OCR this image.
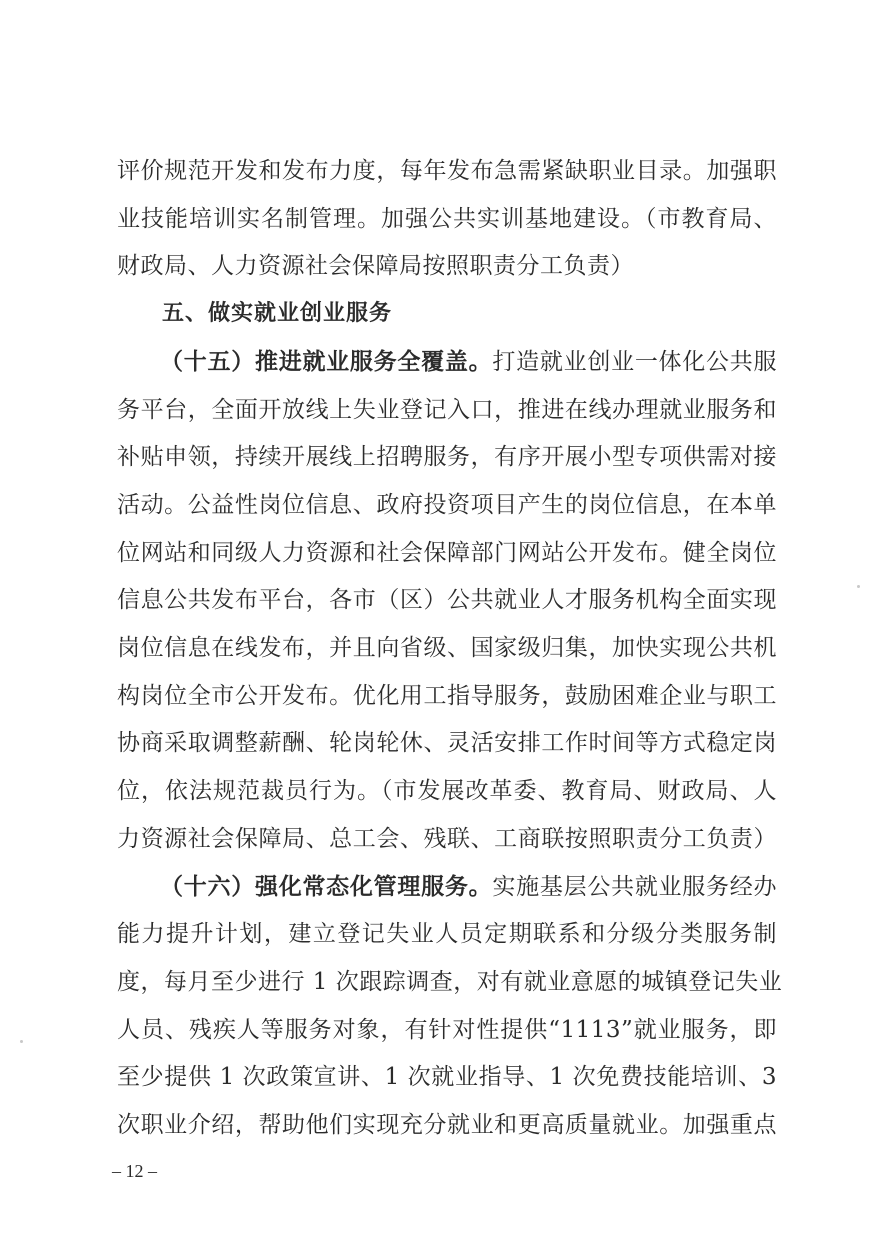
评价规范开发和发布力度，每年发布急需紧缺职业目录。加强职
业技能培训实名制管理。加强公共实训基地建设。（市教育局、
财政局、人力资源社会保障局按照职责分工负责）
五、做实就业创业服务
（十五）推进就业服务全覆盖。打造就业创业一体化公共服
务平台，全面开放线上失业登记入口，推进在线办理就业服务和
补贴申领，持续开展线上招聘服务，有序开展小型专项供需对接
活动。公益性岗位信息、政府投资项目产生的岗位信息，在本单
位网站和同级人力资源和社会保障部门网站公开发布。健全岗位
信息公共发布平台，各市（区）公共就业人才服务机构全面实现
岗位信息在线发布，并且向省级、国家级归集，加快实现公共机
构岗位全市公开发布。优化用工指导服务，鼓励困难企业与职工
协商采取调整薪酬、轮岗轮休、灵活安排工作时间等方式稳定岗
位，依法规范裁员行为。（市发展改革委、教育局、财政局、人
力资源社会保障局、总工会、残联、工商联按照职责分工负责）
（十六）强化常态化管理服务。实施基层公共就业服务经办
能力提升计划，建立登记失业人员定期联系和分级分类服务制
度，每月至少进行 1 次跟踪调查，对有就业意愿的城镇登记失业
人员、残疾人等服务对象，有针对性提供“1113”就业服务，即
至少提供 1 次政策宣讲、1 次就业指导、1 次免费技能培训、3
次职业介绍，帮助他们实现充分就业和更高质量就业。加强重点
– 12 –
